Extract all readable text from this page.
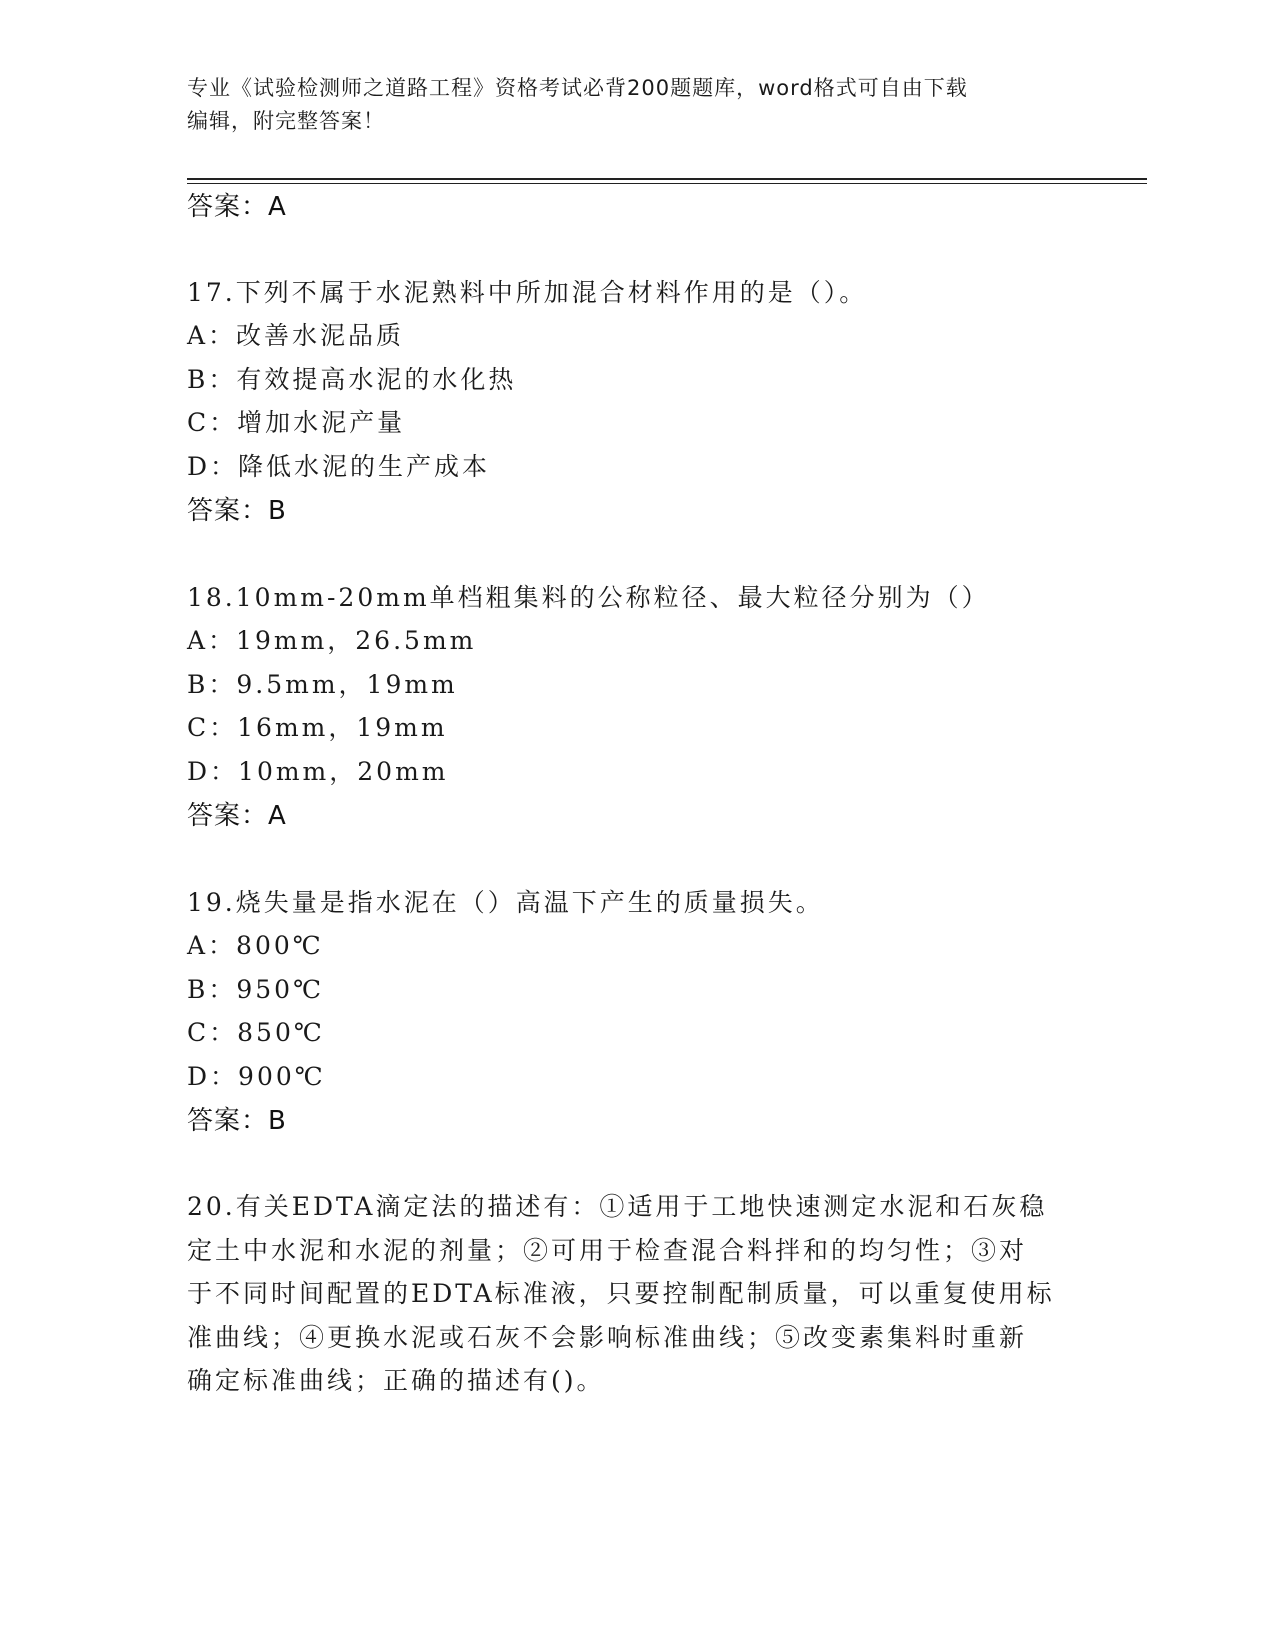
专业《试验检测师之道路工程》资格考试必背200题题库，word格式可自由下载
编辑，附完整答案！
答案：A
17.下列不属于水泥熟料中所加混合材料作用的是（）。
A：改善水泥品质
B：有效提高水泥的水化热
C：增加水泥产量
D：降低水泥的生产成本
答案：B
18.10mm-20mm单档粗集料的公称粒径、最大粒径分别为（）
A：19mm，26.5mm
B：9.5mm，19mm
C：16mm，19mm
D：10mm，20mm
答案：A
19.烧失量是指水泥在（）高温下产生的质量损失。
A：800℃
B：950℃
C：850℃
D：900℃
答案：B
20.有关EDTA滴定法的描述有：①适用于工地快速测定水泥和石灰稳
定土中水泥和水泥的剂量；②可用于检查混合料拌和的均匀性；③对
于不同时间配置的EDTA标准液，只要控制配制质量，可以重复使用标
准曲线；④更换水泥或石灰不会影响标准曲线；⑤改变素集料时重新
确定标准曲线；正确的描述有()。
